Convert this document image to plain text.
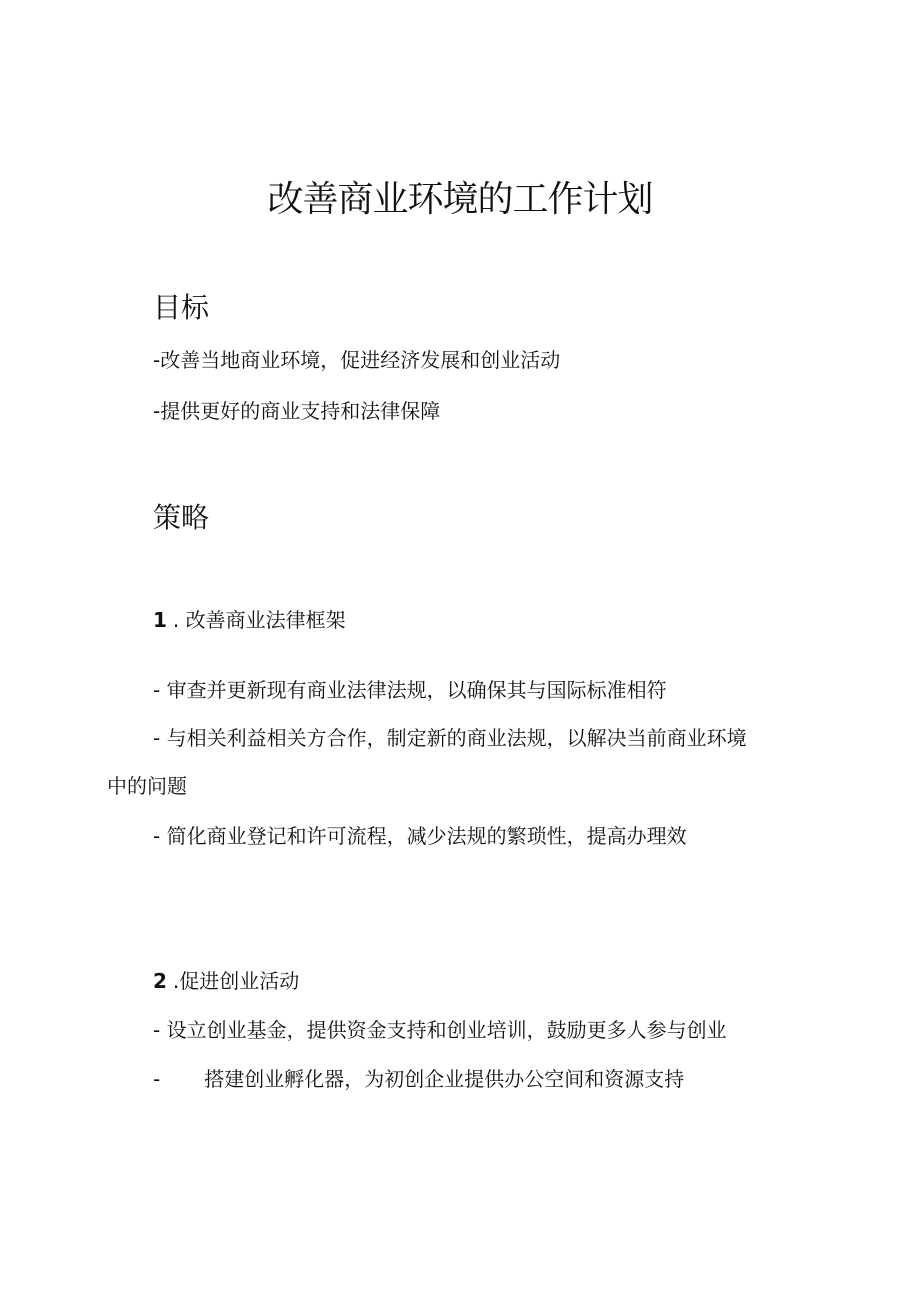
改善商业环境的工作计划
目标
-改善当地商业环境，促进经济发展和创业活动
-提供更好的商业支持和法律保障
策略
1 . 改善商业法律框架
- 审查并更新现有商业法律法规，以确保其与国际标准相符
- 与相关利益相关方合作，制定新的商业法规，以解决当前商业环境
中的问题
- 简化商业登记和许可流程，减少法规的繁琐性，提高办理效
2 .促进创业活动
- 设立创业基金，提供资金支持和创业培训，鼓励更多人参与创业
- 搭建创业孵化器，为初创企业提供办公空间和资源支持
